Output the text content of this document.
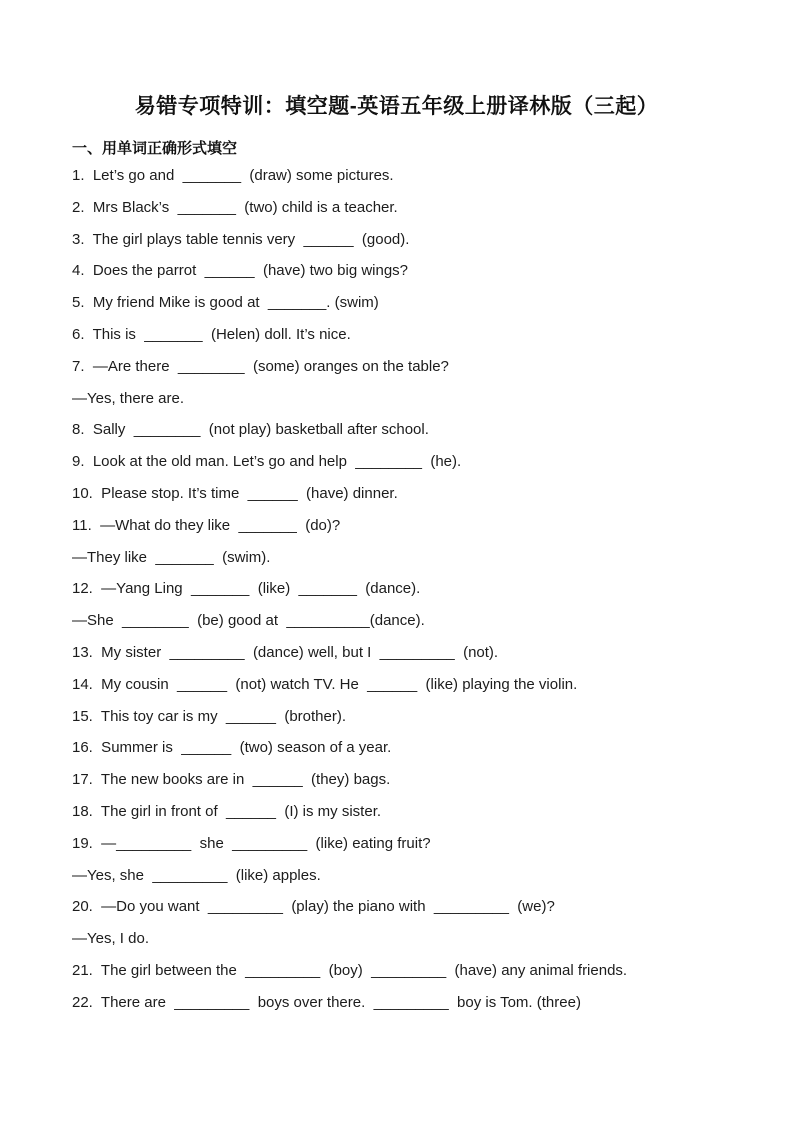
易错专项特训：填空题-英语五年级上册译林版（三起）
一、用单词正确形式填空
1.  Let’s go and  _______  (draw) some pictures.
2.  Mrs Black’s  _______  (two) child is a teacher.
3.  The girl plays table tennis very  ______  (good).
4.  Does the parrot  ______  (have) two big wings?
5.  My friend Mike is good at  _______. (swim)
6.  This is  _______  (Helen) doll. It’s nice.
7.  —Are there  ________  (some) oranges on the table?
—Yes, there are.
8.  Sally  ________  (not play) basketball after school.
9.  Look at the old man. Let’s go and help  ________  (he).
10.  Please stop. It’s time  ______  (have) dinner.
11.  —What do they like  _______  (do)?
—They like  _______  (swim).
12.  —Yang Ling  _______  (like)  _______  (dance).
—She  ________  (be) good at  __________(dance).
13.  My sister  _________  (dance) well, but I  _________  (not).
14.  My cousin  ______  (not) watch TV. He  ______  (like) playing the violin.
15.  This toy car is my  ______  (brother).
16.  Summer is  ______  (two) season of a year.
17.  The new books are in  ______  (they) bags.
18.  The girl in front of  ______  (I) is my sister.
19.  —_________  she  _________  (like) eating fruit?
—Yes, she  _________  (like) apples.
20.  —Do you want  _________  (play) the piano with  _________  (we)?
—Yes, I do.
21.  The girl between the  _________  (boy)  _________  (have) any animal friends.
22.  There are  _________  boys over there.  _________  boy is Tom. (three)
